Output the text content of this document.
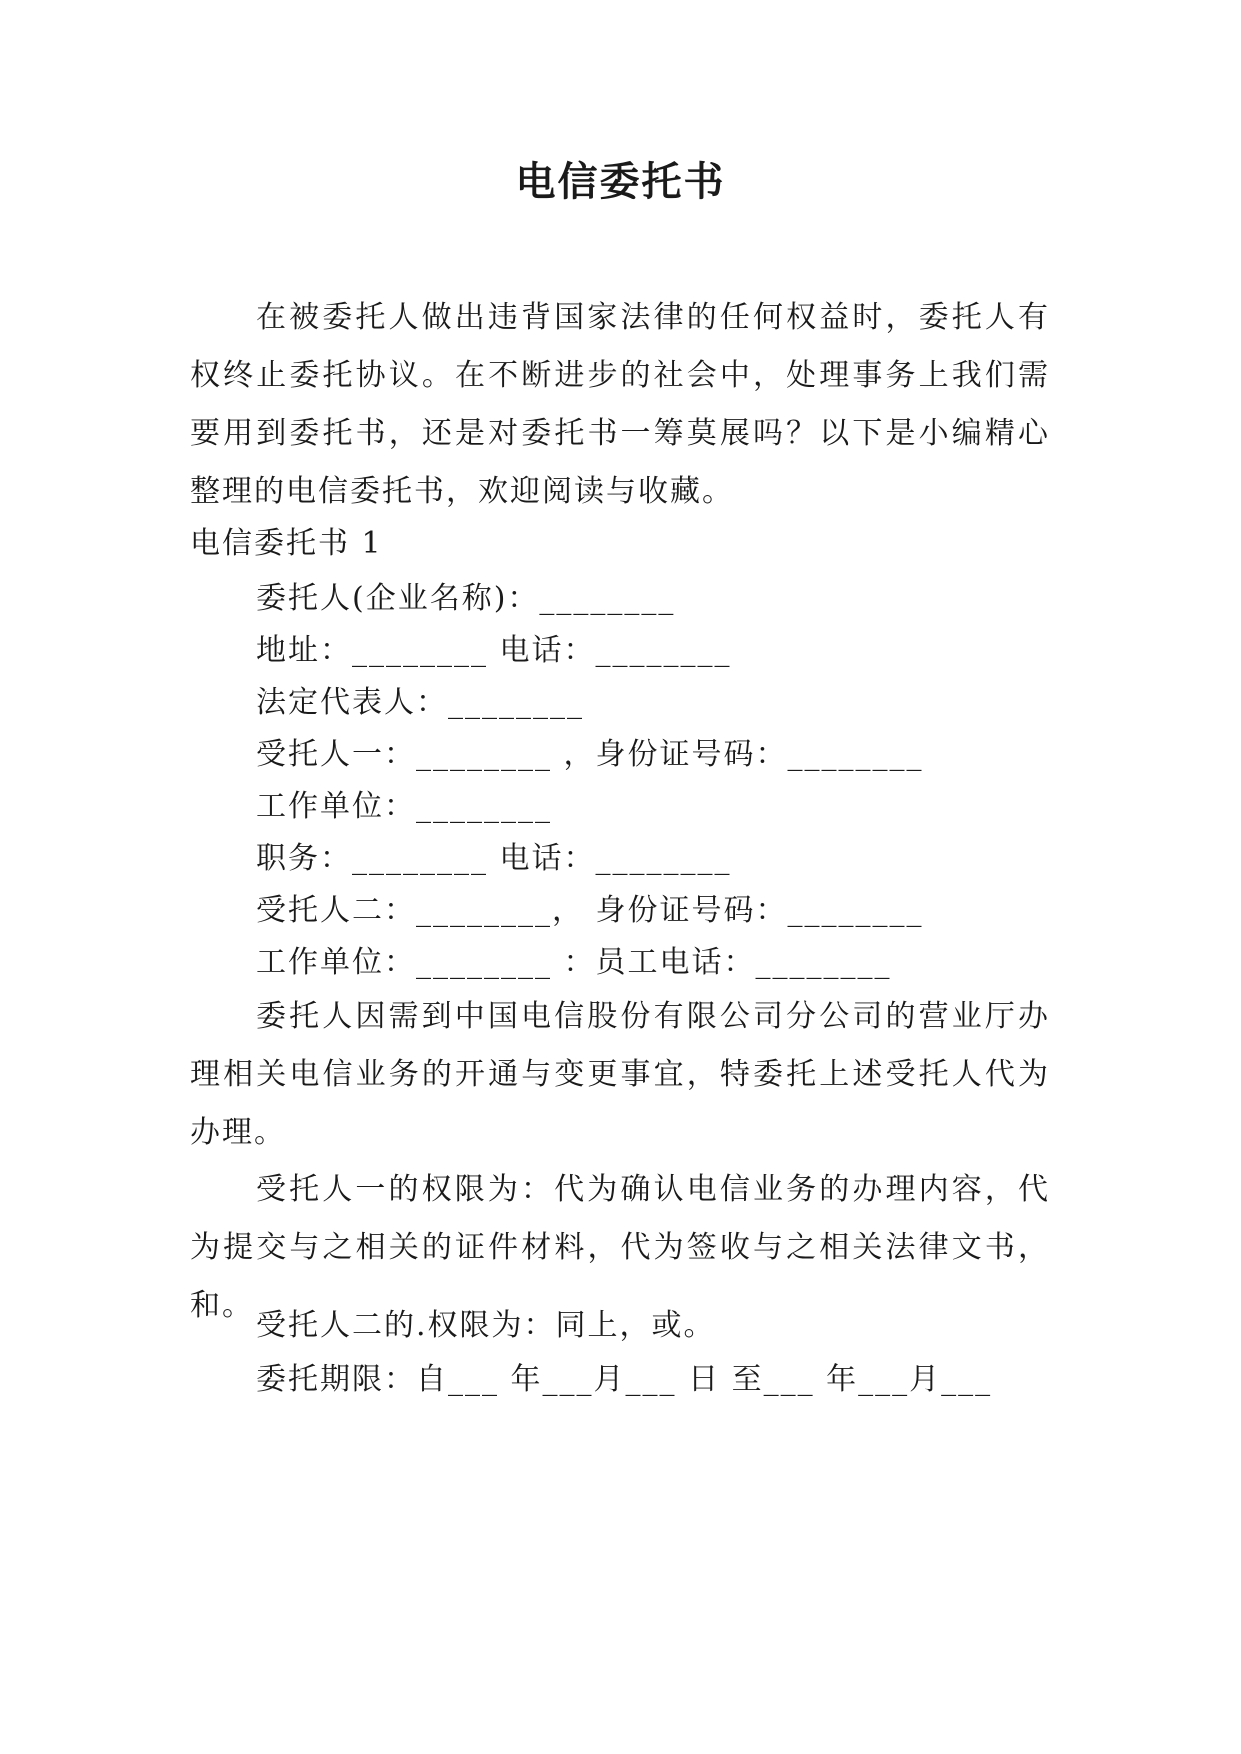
电信委托书
在被委托人做出违背国家法律的任何权益时，委托人有权终止委托协议。在不断进步的社会中，处理事务上我们需要用到委托书，还是对委托书一筹莫展吗？以下是小编精心整理的电信委托书，欢迎阅读与收藏。
电信委托书 1
委托人(企业名称)：________
地址：________ 电话：________
法定代表人：________
受托人一：________ ，身份证号码：________
工作单位：________
职务：________ 电话：________
受托人二：________， 身份证号码：________
工作单位：________ ：员工电话：________
委托人因需到中国电信股份有限公司分公司的营业厅办理相关电信业务的开通与变更事宜，特委托上述受托人代为办理。
受托人一的权限为：代为确认电信业务的办理内容，代为提交与之相关的证件材料，代为签收与之相关法律文书，和。
受托人二的.权限为：同上，或。
委托期限：自___ 年___月___ 日 至___ 年___月___
